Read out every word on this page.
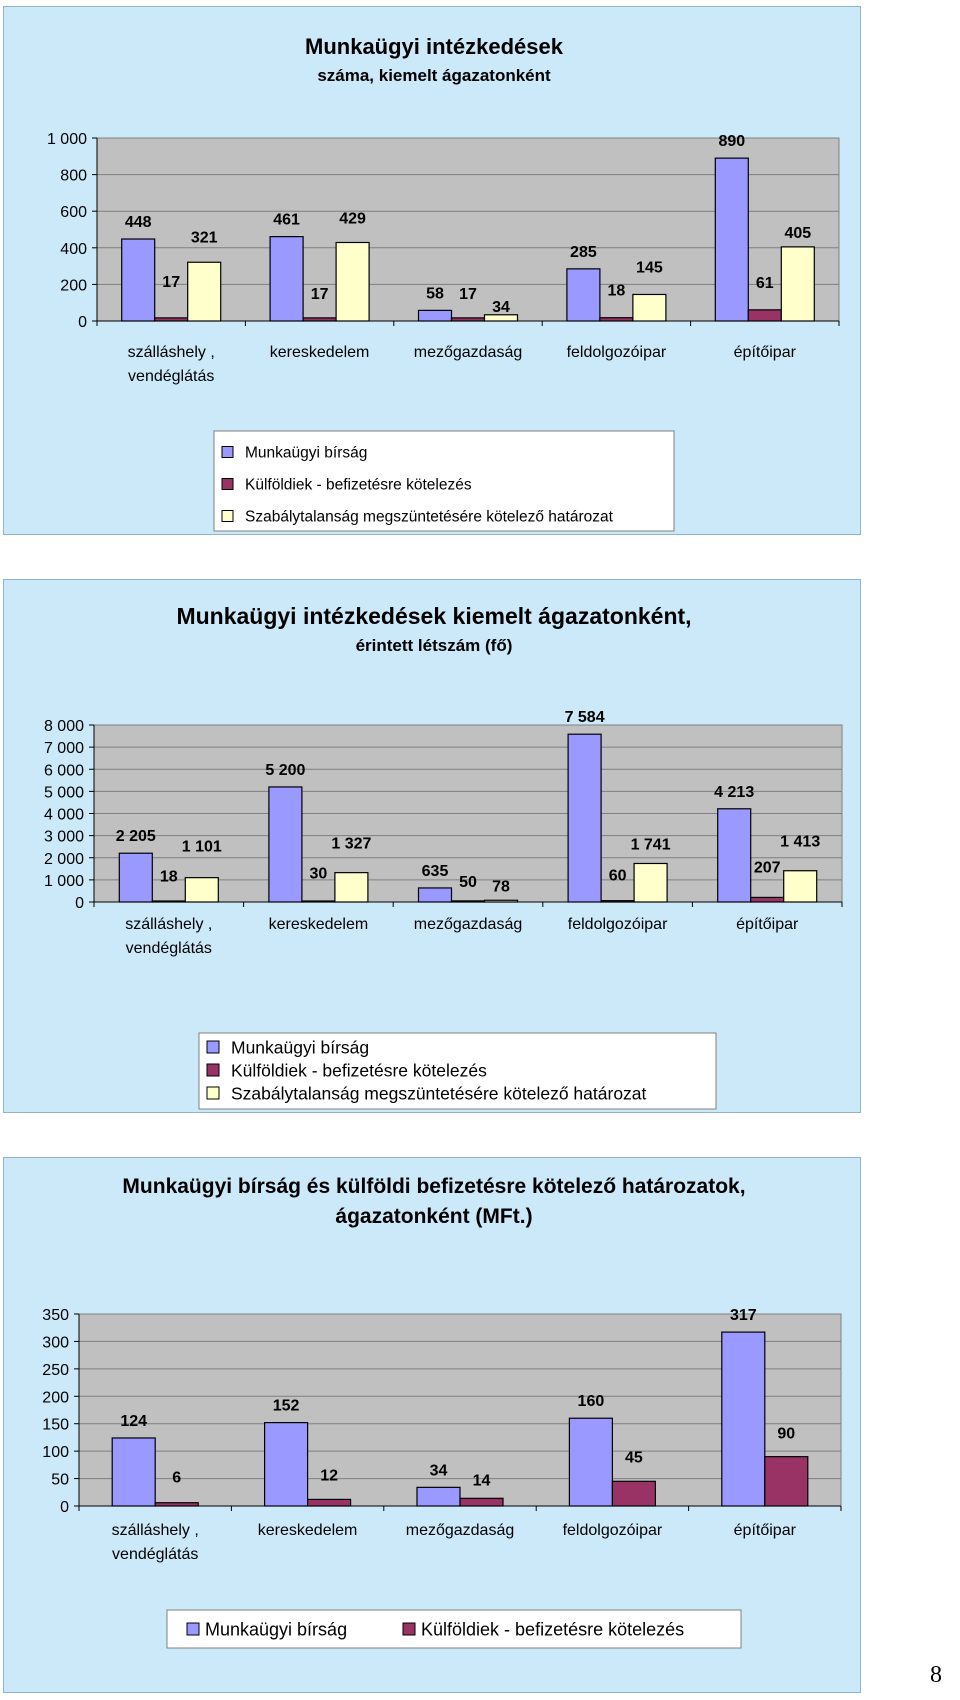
Munkaügyi intézkedések
száma, kiemelt ágazatonként
0
200
400
600
800
1 000
448
17
321
szálláshely ,
vendéglátás
461
17
429
kereskedelem
58 17
34
mezőgazdaság
285
18
145
feldolgozóipar
890
61
405
építőipar
Munkaügyi bírság
Külföldiek - befizetésre kötelezés
Szabálytalanság megszüntetésére kötelező határozat
Munkaügyi intézkedések kiemelt ágazatonként,
érintett létszám (fő)
0
1 000
2 000
3 000
4 000
5 000
6 000
7 000
8 000
2 205
18
1 101
szálláshely ,
vendéglátás
5 200
30
1 327
kereskedelem
635
50 78
mezőgazdaság
7 584
60
1 741
feldolgozóipar
4 213
207
1 413
építőipar
Munkaügyi bírság
Külföldiek - befizetésre kötelezés
Szabálytalanság megszüntetésére kötelező határozat
Munkaügyi bírság és külföldi befizetésre kötelező határozatok,
ágazatonként (MFt.)
0
50
100
150
200
250
300
350
124
6
szálláshely ,
vendéglátás
152
12
kereskedelem
34
14
mezőgazdaság
160
45
feldolgozóipar
317
90
építőipar
Munkaügyi bírság	Külföldiek - befizetésre kötelezés
8
